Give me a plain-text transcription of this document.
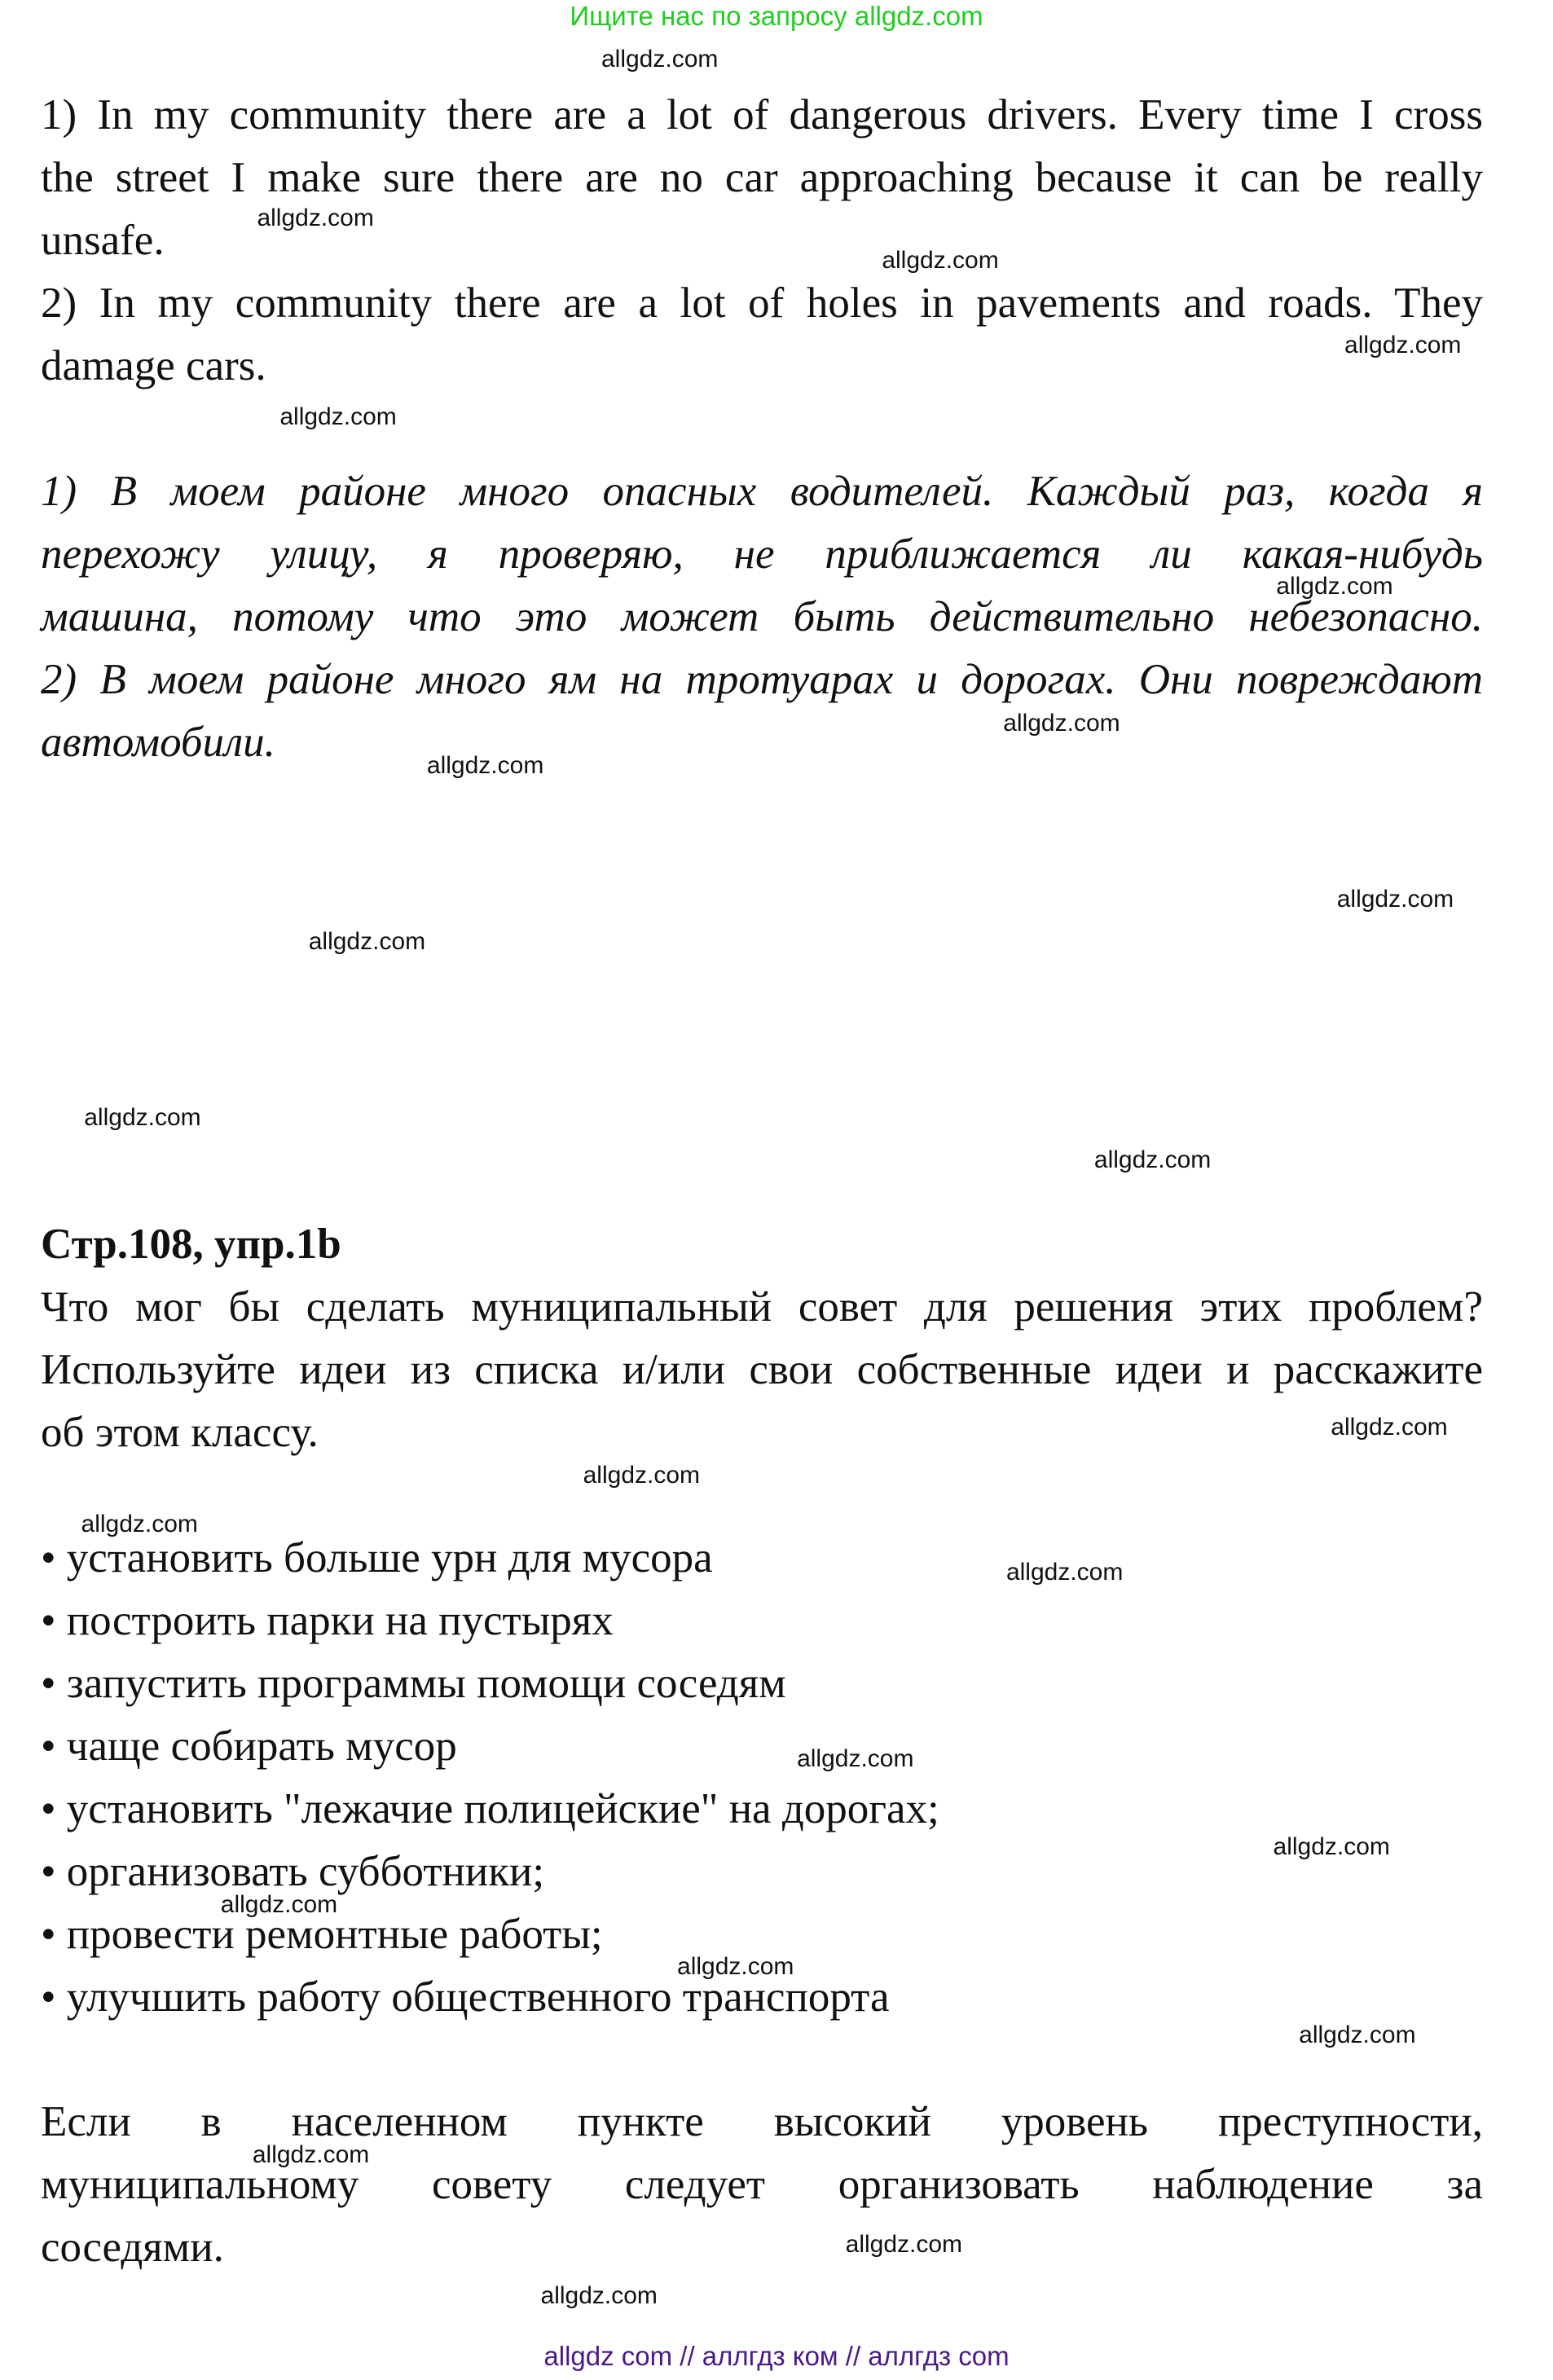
Ищите нас по запросу allgdz.com
1) In my community there are a lot of dangerous drivers. Every time I cross
the street I make sure there are no car approaching because it can be really
unsafe.
2) In my community there are a lot of holes in pavements and roads. They
damage cars.
1) В моем районе много опасных водителей. Каждый раз, когда я
перехожу улицу, я проверяю, не приближается ли какая-нибудь
машина, потому что это может быть действительно небезопасно.
2) В моем районе много ям на тротуарах и дорогах. Они повреждают
автомобили.
Стр.108, упр.1b
Что мог бы сделать муниципальный совет для решения этих проблем?
Используйте идеи из списка и/или свои собственные идеи и расскажите
об этом классу.
• установить больше урн для мусора
• построить парки на пустырях
• запустить программы помощи соседям
• чаще собирать мусор
• установить "лежачие полицейские" на дорогах;
• организовать субботники;
• провести ремонтные работы;
• улучшить работу общественного транспорта
Если в населенном пункте высокий уровень преступности,
муниципальному совету следует организовать наблюдение за
соседями.
allgdz.com
allgdz.com
allgdz.com
allgdz.com
allgdz.com
allgdz.com
allgdz.com
allgdz.com
allgdz.com
allgdz.com
allgdz.com
allgdz.com
allgdz.com
allgdz.com
allgdz.com
allgdz.com
allgdz.com
allgdz.com
allgdz.com
allgdz.com
allgdz.com
allgdz.com
allgdz.com
allgdz.com
allgdz com // аллгдз ком // аллгдз com
